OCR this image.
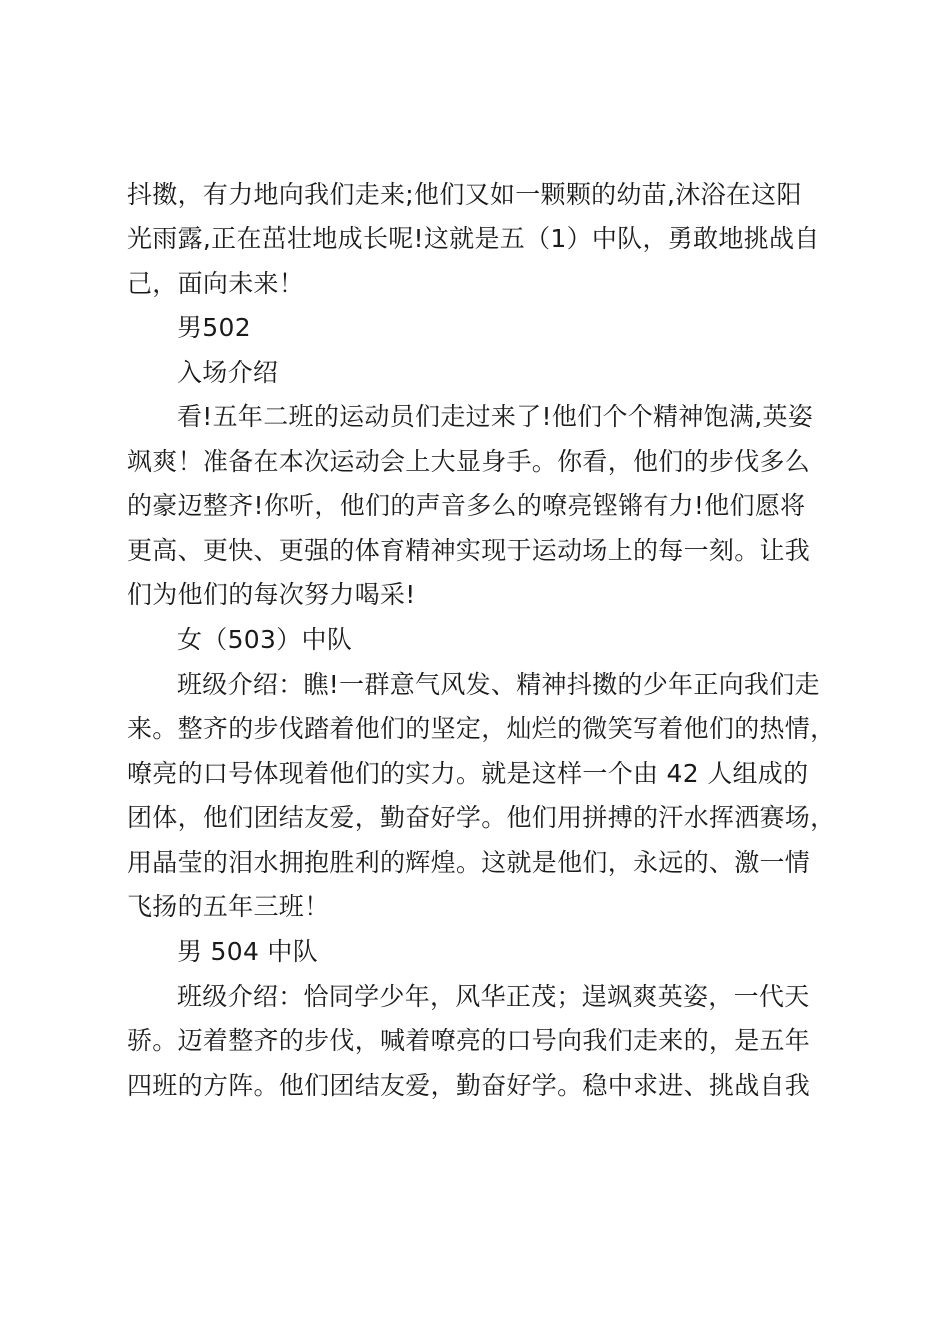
抖擞，有力地向我们走来;他们又如一颗颗的幼苗,沐浴在这阳
光雨露,正在茁壮地成长呢!这就是五（1）中队，勇敢地挑战自
己，面向未来！
男502
入场介绍
看!五年二班的运动员们走过来了!他们个个精神饱满,英姿
飒爽！准备在本次运动会上大显身手。你看，他们的步伐多么
的豪迈整齐!你听，他们的声音多么的嘹亮铿锵有力!他们愿将
更高、更快、更强的体育精神实现于运动场上的每一刻。让我
们为他们的每次努力喝采!
女（503）中队
班级介绍：瞧!一群意气风发、精神抖擞的少年正向我们走
来。整齐的步伐踏着他们的坚定，灿烂的微笑写着他们的热情，
嘹亮的口号体现着他们的实力。就是这样一个由 42 人组成的
团体，他们团结友爱，勤奋好学。他们用拼搏的汗水挥洒赛场，
用晶莹的泪水拥抱胜利的辉煌。这就是他们，永远的、激一情
飞扬的五年三班！
男 504 中队
班级介绍：恰同学少年，风华正茂；逞飒爽英姿，一代天
骄。迈着整齐的步伐，喊着嘹亮的口号向我们走来的，是五年
四班的方阵。他们团结友爱，勤奋好学。稳中求进、挑战自我
